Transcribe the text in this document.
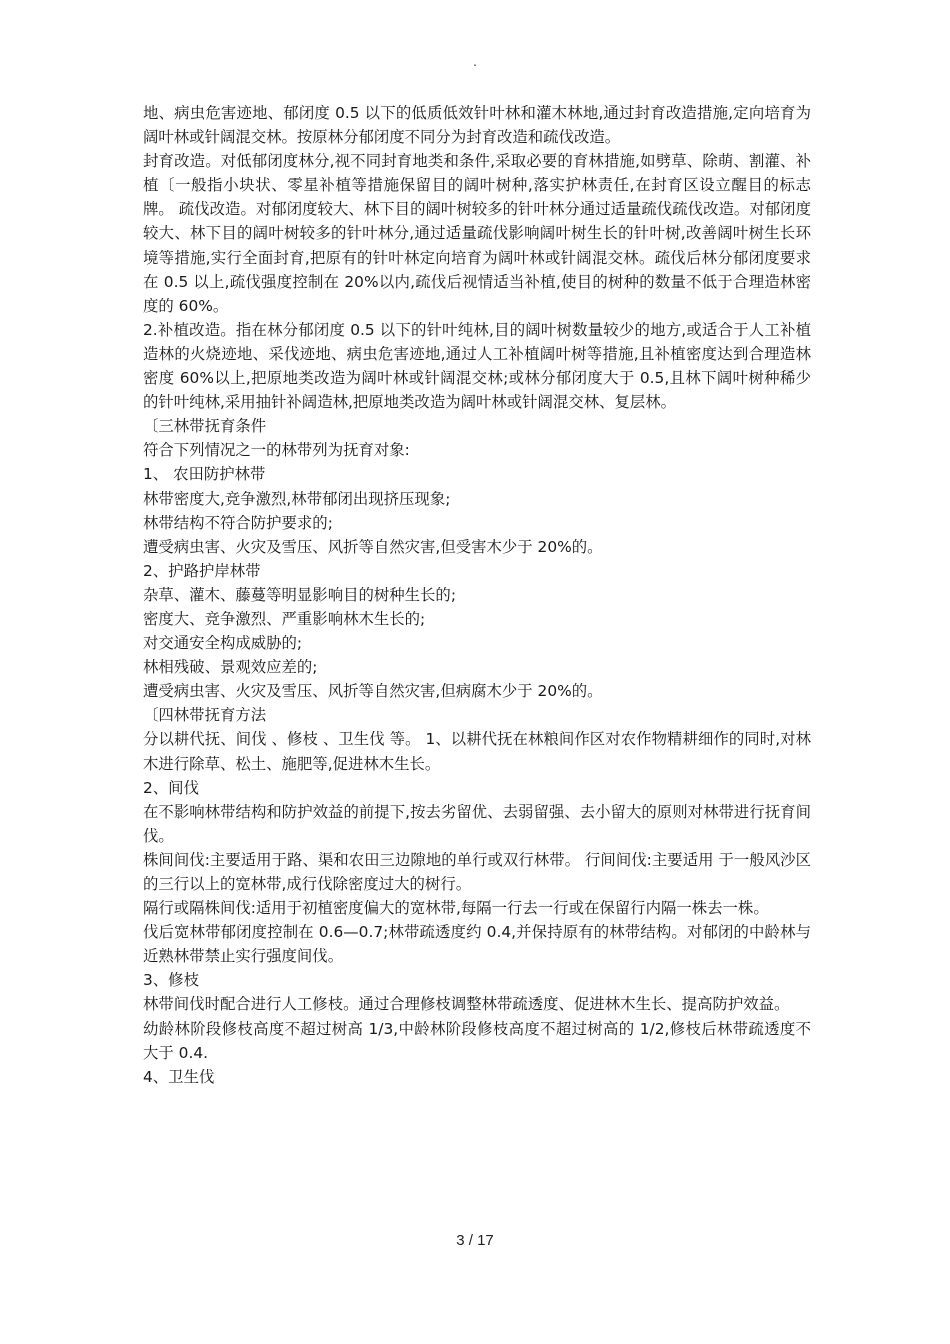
.

地、病虫危害迹地、郁闭度 0.5 以下的低质低效针叶林和灌木林地,通过封育改造措施,定向培育为阔叶林或针阔混交林。按原林分郁闭度不同分为封育改造和疏伐改造。

封育改造。对低郁闭度林分,视不同封育地类和条件,采取必要的育林措施,如劈草、除萌、割灌、补植〔一般指小块状、零星补植等措施保留目的阔叶树种,落实护林责任,在封育区设立醒目的标志牌。 疏伐改造。对郁闭度较大、林下目的阔叶树较多的针叶林分通过适量疏伐疏伐改造。对郁闭度较大、林下目的阔叶树较多的针叶林分,通过适量疏伐影响阔叶树生长的针叶树,改善阔叶树生长环境等措施,实行全面封育,把原有的针叶林定向培育为阔叶林或针阔混交林。疏伐后林分郁闭度要求在 0.5 以上,疏伐强度控制在 20%以内,疏伐后视情适当补植,使目的树种的数量不低于合理造林密度的 60%。

2.补植改造。指在林分郁闭度 0.5 以下的针叶纯林,目的阔叶树数量较少的地方,或适合于人工补植造林的火烧迹地、采伐迹地、病虫危害迹地,通过人工补植阔叶树等措施,且补植密度达到合理造林密度 60%以上,把原地类改造为阔叶林或针阔混交林;或林分郁闭度大于 0.5,且林下阔叶树种稀少的针叶纯林,采用抽针补阔造林,把原地类改造为阔叶林或针阔混交林、复层林。

〔三林带抚育条件

符合下列情况之一的林带列为抚育对象:

1、 农田防护林带

林带密度大,竞争激烈,林带郁闭出现挤压现象;

林带结构不符合防护要求的;

遭受病虫害、火灾及雪压、风折等自然灾害,但受害木少于 20%的。

2、护路护岸林带

杂草、灌木、藤蔓等明显影响目的树种生长的;

密度大、竞争激烈、严重影响林木生长的;

对交通安全构成威胁的;

林相残破、景观效应差的;

遭受病虫害、火灾及雪压、风折等自然灾害,但病腐木少于 20%的。

〔四林带抚育方法

分以耕代抚、间伐 、修枝 、卫生伐 等。 1、以耕代抚在林粮间作区对农作物精耕细作的同时,对林木进行除草、松土、施肥等,促进林木生长。

2、间伐

在不影响林带结构和防护效益的前提下,按去劣留优、去弱留强、去小留大的原则对林带进行抚育间伐。

株间间伐:主要适用于路、渠和农田三边隙地的单行或双行林带。 行间间伐:主要适用 于一般风沙区的三行以上的宽林带,成行伐除密度过大的树行。

隔行或隔株间伐:适用于初植密度偏大的宽林带,每隔一行去一行或在保留行内隔一株去一株。

伐后宽林带郁闭度控制在 0.6—0.7;林带疏透度约 0.4,并保持原有的林带结构。对郁闭的中龄林与近熟林带禁止实行强度间伐。

3、修枝

林带间伐时配合进行人工修枝。通过合理修枝调整林带疏透度、促进林木生长、提高防护效益。

幼龄林阶段修枝高度不超过树高 1/3,中龄林阶段修枝高度不超过树高的 1/2,修枝后林带疏透度不大于 0.4.

4、卫生伐

3 / 17
